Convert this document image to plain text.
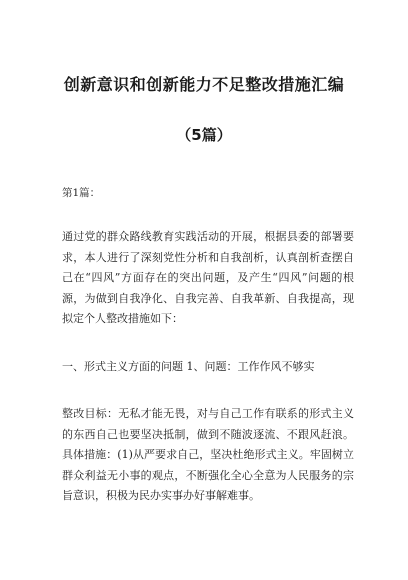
创新意识和创新能力不足整改措施汇编
（5篇）
第1篇：
通过党的群众路线教育实践活动的开展，根据县委的部署要求，本人进行了深刻党性分析和自我剖析，认真剖析查摆自己在“四风”方面存在的突出问题，及产生“四风”问题的根源，为做到自我净化、自我完善、自我革新、自我提高，现拟定个人整改措施如下：
一、形式主义方面的问题 1、问题：工作作风不够实
整改目标：无私才能无畏，对与自己工作有联系的形式主义的东西自己也要坚决抵制，做到不随波逐流、不跟风赶浪。具体措施：(1)从严要求自己，坚决杜绝形式主义。牢固树立群众利益无小事的观点，不断强化全心全意为人民服务的宗旨意识，积极为民办实事办好事解难事。
